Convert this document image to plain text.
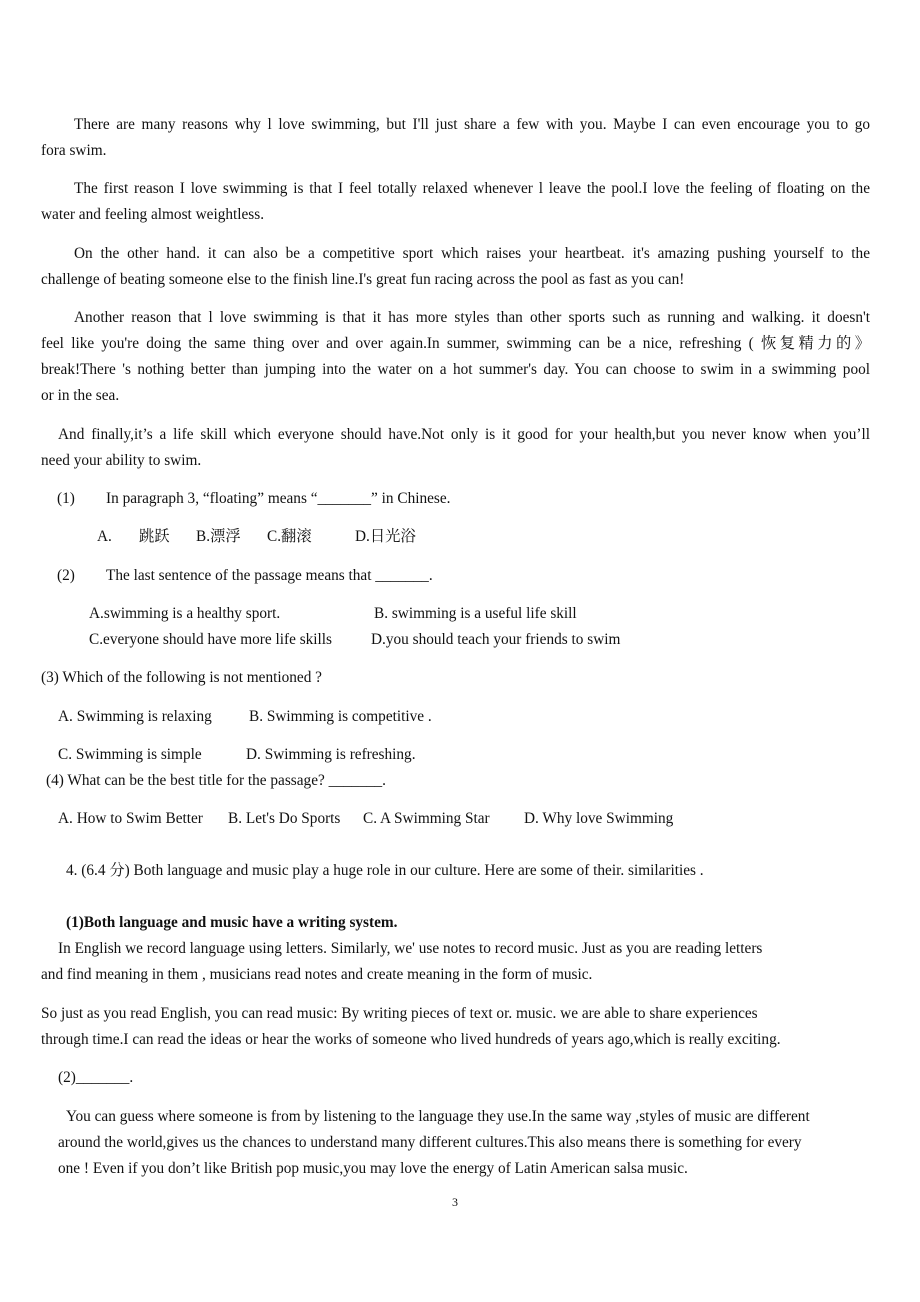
There are many reasons why l love swimming, but I'll just share a few with you. Maybe I can even encourage you to go
fora swim.
The first reason I love swimming is that I feel totally relaxed whenever l leave the pool.I love the feeling of floating on the
water and feeling almost weightless.
On the other hand. it can also be a competitive sport which raises your heartbeat. it's amazing pushing yourself to the
challenge of beating someone else to the finish line.I's great fun racing across the pool as fast as you can!
Another reason that l love swimming is that it has more styles than other sports such as running and walking. it doesn't
feel like you're doing the same thing over and over again.In summer, swimming can be a nice, refreshing ( 恢复精力的》
break!There 's nothing better than jumping into the water on a hot summer's day. You can choose to swim in a swimming pool
or in the sea.
And finally,it’s a life skill which everyone should have.Not only is it good for your health,but you never know when you’ll
need your ability to swim.
(1) In paragraph 3, “floating” means “_______” in Chinese.
A. 跳跃 B.漂浮 C.翻滚	D.日光浴
(2) The last sentence of the passage means that _______.
A.swimming is a healthy sport.	B. swimming is a useful life skill
C.everyone should have more life skills	D.you should teach your friends to swim
(3) Which of the following is not mentioned ?
A. Swimming is relaxing B. Swimming is competitive .
C. Swimming is simple	D. Swimming is refreshing.
(4) What can be the best title for the passage? _______.
A. How to Swim Better B. Let's Do Sports C. A Swimming Star D. Why love Swimming
4. (6.4 分) Both language and music play a huge role in our culture. Here are some of their. similarities .
(1)Both language and music have a writing system.
In English we record language using letters. Similarly, we' use notes to record music. Just as you are reading letters
and find meaning in them , musicians read notes and create meaning in the form of music.
So just as you read English, you can read music: By writing pieces of text or. music. we are able to share experiences
through time.I can read the ideas or hear the works of someone who lived hundreds of years ago,which is really exciting.
(2)_______.
You can guess where someone is from by listening to the language they use.In the same way ,styles of music are different
around the world,gives us the chances to understand many different cultures.This also means there is something for every
one ! Even if you don’t like British pop music,you may love the energy of Latin American salsa music.
3
